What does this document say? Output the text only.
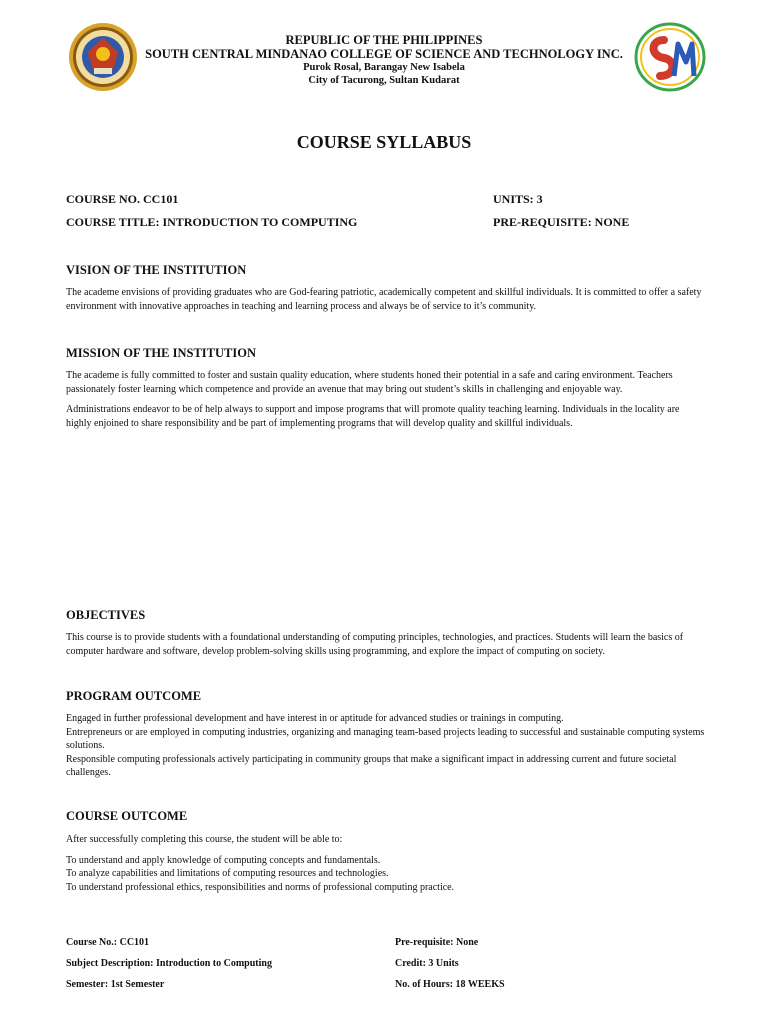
REPUBLIC OF THE PHILIPPINES
SOUTH CENTRAL MINDANAO COLLEGE OF SCIENCE AND TECHNOLOGY INC.
Purok Rosal, Barangay New Isabela
City of Tacurong, Sultan Kudarat
COURSE SYLLABUS
COURSE NO. CC101
COURSE TITLE: INTRODUCTION TO COMPUTING
UNITS: 3
PRE-REQUISITE: NONE
VISION OF THE INSTITUTION

The academe envisions of providing graduates who are God-fearing patriotic, academically competent and skillful individuals. It is committed to offer a safety environment with innovative approaches in teaching and learning process and always be of service to it’s community.

MISSION OF THE INSTITUTION

The academe is fully committed to foster and sustain quality education, where students honed their potential in a safe and caring environment. Teachers passionately foster learning which competence and provide an avenue that may bring out student’s skills in challenging and enjoyable way.

Administrations endeavor to be of help always to support and impose programs that will promote quality teaching learning. Individuals in the locality are highly enjoined to share responsibility and be part of implementing programs that will develop quality and skillful individuals.

OBJECTIVES

This course is to provide students with a foundational understanding of computing principles, technologies, and practices. Students will learn the basics of computer hardware and software, develop problem-solving skills using programming, and explore the impact of computing on society.

PROGRAM OUTCOME

Engaged in further professional development and have interest in or aptitude for advanced studies or trainings in computing.

Entrepreneurs or are employed in computing industries, organizing and managing team-based projects leading to successful and sustainable computing systems solutions.

Responsible computing professionals actively participating in community groups that make a significant impact in addressing current and future societal challenges.

COURSE OUTCOME

After successfully completing this course, the student will be able to:

To understand and apply knowledge of computing concepts and fundamentals.

To analyze capabilities and limitations of computing resources and technologies.

To understand professional ethics, responsibilities and norms of professional computing practice.

Course No.: CC101
Subject Description: Introduction to Computing
Semester: 1st Semester
Pre-requisite: None
Credit: 3 Units
No. of Hours: 18 WEEKS
